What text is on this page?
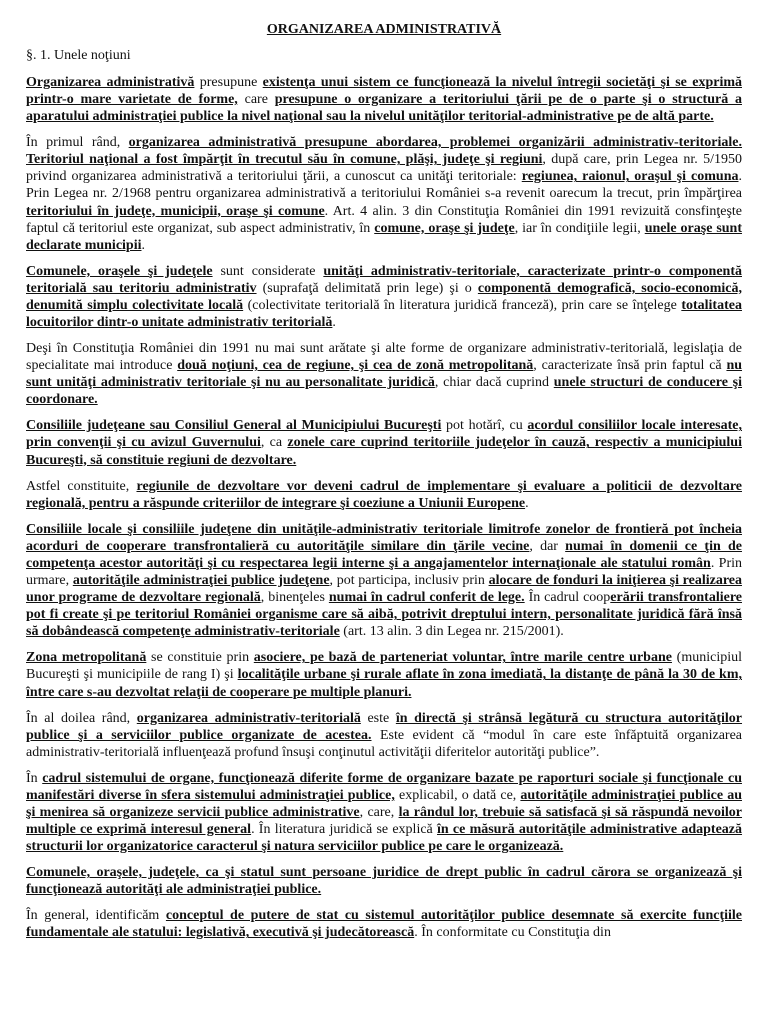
ORGANIZAREA ADMINISTRATIVĂ
§. 1. Unele noţiuni

Organizarea administrativă presupune existenţa unui sistem ce funcţionează la nivelul întregii societăţi şi se exprimă printr-o mare varietate de forme, care presupune o organizare a teritoriului ţării pe de o parte şi o structură a aparatului administraţiei publice la nivel naţional sau la nivelul unităţilor teritorial-administrative pe de altă parte.

În primul rând, organizarea administrativă presupune abordarea, problemei organizării administrativ-teritoriale. Teritoriul naţional a fost împărţit în trecutul său în comune, plăşi, judeţe şi regiuni, după care, prin Legea nr. 5/1950 privind organizarea administrativă a teritoriului ţării, a cunoscut ca unităţi teritoriale: regiunea, raionul, oraşul şi comuna. Prin Legea nr. 2/1968 pentru organizarea administrativă a teritoriului României s-a revenit oarecum la trecut, prin împărţirea teritoriului în judeţe, municipii, oraşe şi comune. Art. 4 alin. 3 din Constituţia României din 1991 revizuită consfinţeşte faptul că teritoriul este organizat, sub aspect administrativ, în comune, oraşe şi judeţe, iar în condiţiile legii, unele oraşe sunt declarate municipii.

Comunele, oraşele şi judeţele sunt considerate unităţi administrativ-teritoriale, caracterizate printr-o componentă teritorială sau teritoriu administrativ (suprafaţă delimitată prin lege) şi o componentă demografică, socio-economică, denumită simplu colectivitate locală (colectivitate teritorială în literatura juridică franceză), prin care se înţelege totalitatea locuitorilor dintr-o unitate administrativ teritorială.

Deşi în Constituţia României din 1991 nu mai sunt arătate şi alte forme de organizare administrativ-teritorială, legislaţia de specialitate mai introduce două noţiuni, cea de regiune, şi cea de zonă metropolitană, caracterizate însă prin faptul că nu sunt unităţi administrativ teritoriale şi nu au personalitate juridică, chiar dacă cuprind unele structuri de conducere şi coordonare.

Consiliile judeţeane sau Consiliul General al Municipiului Bucureşti pot hotărî, cu acordul consiliilor locale interesate, prin convenţii şi cu avizul Guvernului, ca zonele care cuprind teritoriile judeţelor în cauză, respectiv a municipiului Bucureşti, să constituie regiuni de dezvoltare.

Astfel constituite, regiunile de dezvoltare vor deveni cadrul de implementare şi evaluare a politicii de dezvoltare regională, pentru a răspunde criteriilor de integrare şi coeziune a Uniunii Europene.

Consiliile locale şi consiliile judeţene din unităţile-administrativ teritoriale limitrofe zonelor de frontieră pot încheia acorduri de cooperare transfrontalieră cu autorităţile similare din ţările vecine, dar numai în domenii ce ţin de competenţa acestor autorităţi şi cu respectarea legii interne şi a angajamentelor internaţionale ale statului român. Prin urmare, autorităţile administraţiei publice judeţene, pot participa, inclusiv prin alocare de fonduri la iniţierea şi realizarea unor programe de dezvoltare regională, binenţeles numai în cadrul conferit de lege. În cadrul cooperării transfrontaliere pot fi create şi pe teritoriul României organisme care să aibă, potrivit dreptului intern, personalitate juridică fără însă să dobândească competenţe administrativ-teritoriale (art. 13 alin. 3 din Legea nr. 215/2001).

Zona metropolitană se constituie prin asociere, pe bază de parteneriat voluntar, între marile centre urbane (municipiul Bucureşti şi municipiile de rang I) şi localităţile urbane şi rurale aflate în zona imediată, la distanţe de până la 30 de km, între care s-au dezvoltat relaţii de cooperare pe multiple planuri.

În al doilea rând, organizarea administrativ-teritorială este în directă şi strânsă legătură cu structura autorităţilor publice şi a serviciilor publice organizate de acestea. Este evident că “modul în care este înfăptuită organizarea administrativ-teritorială influenţează profund însuşi conţinutul activităţii diferitelor autorităţi publice”.

În cadrul sistemului de organe, funcţionează diferite forme de organizare bazate pe raporturi sociale şi funcţionale cu manifestări diverse în sfera sistemului administraţiei publice, explicabil, o dată ce, autorităţile administraţiei publice au şi menirea să organizeze servicii publice administrative, care, la rândul lor, trebuie să satisfacă şi să răspundă nevoilor multiple ce exprimă interesul general. În literatura juridică se explică în ce măsură autorităţile administrative adaptează structurii lor organizatorice caracterul şi natura serviciilor publice pe care le organizează.

Comunele, oraşele, judeţele, ca şi statul sunt persoane juridice de drept public în cadrul cărora se organizează şi funcţionează autorităţi ale administraţiei publice.

În general, identificăm conceptul de putere de stat cu sistemul autorităţilor publice desemnate să exercite funcţiile fundamentale ale statului: legislativă, executivă şi judecătorească. În conformitate cu Constituţia din
